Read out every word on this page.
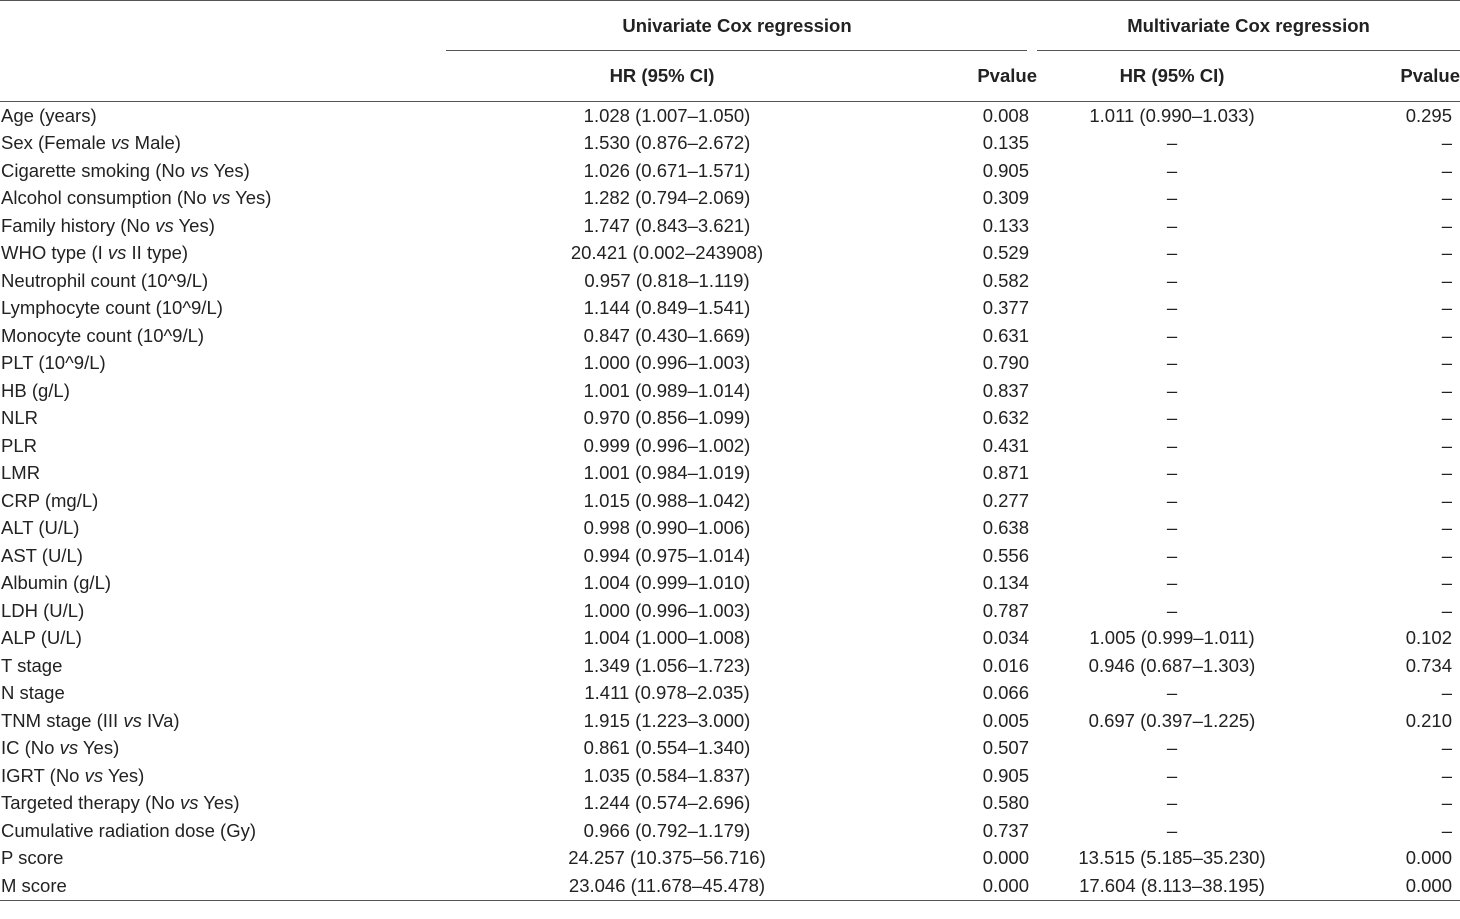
	Univariate Cox regression		Multivariate Cox regression	

	HR (95% CI)	Pvalue	HR (95% CI)	Pvalue
Age (years)	1.028 (1.007–1.050)	0.008	1.011 (0.990–1.033)	0.295
Sex (Female vs Male)	1.530 (0.876–2.672)	0.135	–	–
Cigarette smoking (No vs Yes)	1.026 (0.671–1.571)	0.905	–	–
Alcohol consumption (No vs Yes)	1.282 (0.794–2.069)	0.309	–	–
Family history (No vs Yes)	1.747 (0.843–3.621)	0.133	–	–
WHO type (I vs II type)	20.421 (0.002–243908)	0.529	–	–
Neutrophil count (10^9/L)	0.957 (0.818–1.119)	0.582	–	–
Lymphocyte count (10^9/L)	1.144 (0.849–1.541)	0.377	–	–
Monocyte count (10^9/L)	0.847 (0.430–1.669)	0.631	–	–
PLT (10^9/L)	1.000 (0.996–1.003)	0.790	–	–
HB (g/L)	1.001 (0.989–1.014)	0.837	–	–
NLR	0.970 (0.856–1.099)	0.632	–	–
PLR	0.999 (0.996–1.002)	0.431	–	–
LMR	1.001 (0.984–1.019)	0.871	–	–
CRP (mg/L)	1.015 (0.988–1.042)	0.277	–	–
ALT (U/L)	0.998 (0.990–1.006)	0.638	–	–
AST (U/L)	0.994 (0.975–1.014)	0.556	–	–
Albumin (g/L)	1.004 (0.999–1.010)	0.134	–	–
LDH (U/L)	1.000 (0.996–1.003)	0.787	–	–
ALP (U/L)	1.004 (1.000–1.008)	0.034	1.005 (0.999–1.011)	0.102
T stage	1.349 (1.056–1.723)	0.016	0.946 (0.687–1.303)	0.734
N stage	1.411 (0.978–2.035)	0.066	–	–
TNM stage (III vs IVa)	1.915 (1.223–3.000)	0.005	0.697 (0.397–1.225)	0.210
IC (No vs Yes)	0.861 (0.554–1.340)	0.507	–	–
IGRT (No vs Yes)	1.035 (0.584–1.837)	0.905	–	–
Targeted therapy (No vs Yes)	1.244 (0.574–2.696)	0.580	–	–
Cumulative radiation dose (Gy)	0.966 (0.792–1.179)	0.737	–	–
P score	24.257 (10.375–56.716)	0.000	13.515 (5.185–35.230)	0.000
M score	23.046 (11.678–45.478)	0.000	17.604 (8.113–38.195)	0.000
